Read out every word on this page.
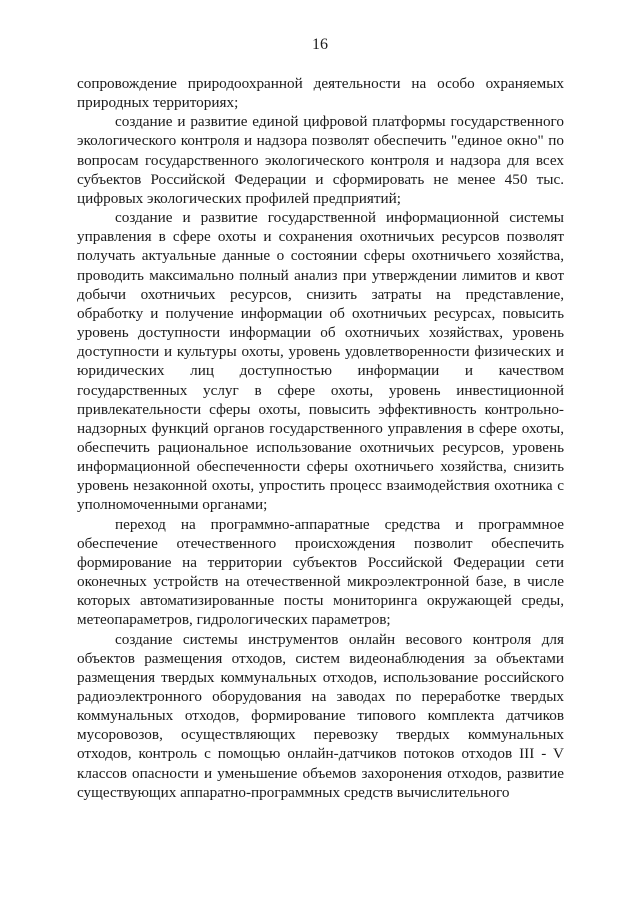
16

сопровождение природоохранной деятельности на особо охраняемых природных территориях;

создание и развитие единой цифровой платформы государственного экологического контроля и надзора позволят обеспечить "единое окно" по вопросам государственного экологического контроля и надзора для всех субъектов Российской Федерации и сформировать не менее 450 тыс. цифровых экологических профилей предприятий;

создание и развитие государственной информационной системы управления в сфере охоты и сохранения охотничьих ресурсов позволят получать актуальные данные о состоянии сферы охотничьего хозяйства, проводить максимально полный анализ при утверждении лимитов и квот добычи охотничьих ресурсов, снизить затраты на представление, обработку и получение информации об охотничьих ресурсах, повысить уровень доступности информации об охотничьих хозяйствах, уровень доступности и культуры охоты, уровень удовлетворенности физических и юридических лиц доступностью информации и качеством государственных услуг в сфере охоты, уровень инвестиционной привлекательности сферы охоты, повысить эффективность контрольно-надзорных функций органов государственного управления в сфере охоты, обеспечить рациональное использование охотничьих ресурсов, уровень информационной обеспеченности сферы охотничьего хозяйства, снизить уровень незаконной охоты, упростить процесс взаимодействия охотника с уполномоченными органами;

переход на программно-аппаратные средства и программное обеспечение отечественного происхождения позволит обеспечить формирование на территории субъектов Российской Федерации сети оконечных устройств на отечественной микроэлектронной базе, в числе которых автоматизированные посты мониторинга окружающей среды, метеопараметров, гидрологических параметров;

создание системы инструментов онлайн весового контроля для объектов размещения отходов, систем видеонаблюдения за объектами размещения твердых коммунальных отходов, использование российского радиоэлектронного оборудования на заводах по переработке твердых коммунальных отходов, формирование типового комплекта датчиков мусоровозов, осуществляющих перевозку твердых коммунальных отходов, контроль с помощью онлайн-датчиков потоков отходов III - V классов опасности и уменьшение объемов захоронения отходов, развитие существующих аппаратно-программных средств вычислительного
